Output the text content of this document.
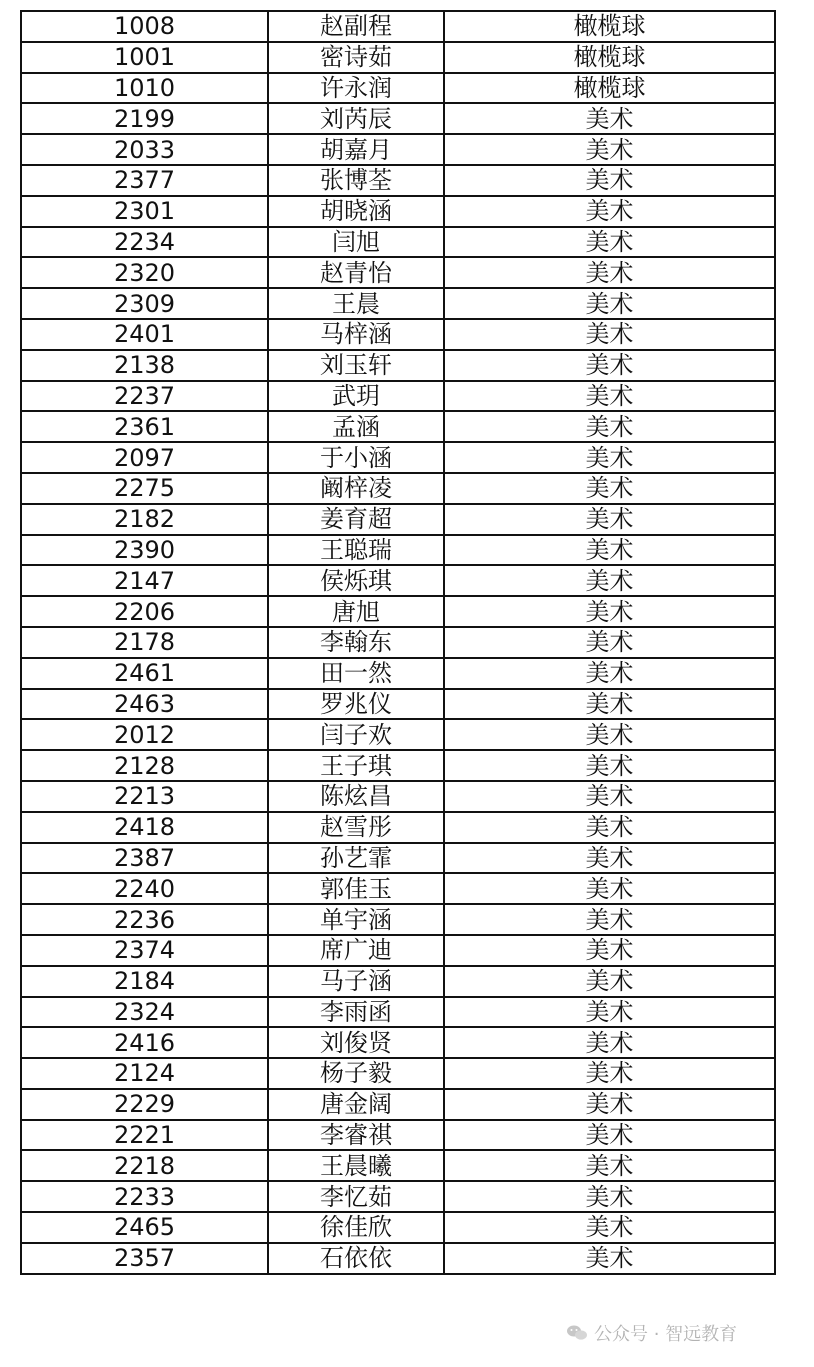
1008	赵副程	橄榄球
1001	密诗茹	橄榄球
1010	许永润	橄榄球
2199	刘芮辰	美术
2033	胡嘉月	美术
2377	张博荃	美术
2301	胡晓涵	美术
2234	闫旭	美术
2320	赵青怡	美术
2309	王晨	美术
2401	马梓涵	美术
2138	刘玉轩	美术
2237	武玥	美术
2361	孟涵	美术
2097	于小涵	美术
2275	阚梓凌	美术
2182	姜育超	美术
2390	王聪瑞	美术
2147	侯烁琪	美术
2206	唐旭	美术
2178	李翰东	美术
2461	田一然	美术
2463	罗兆仪	美术
2012	闫子欢	美术
2128	王子琪	美术
2213	陈炫昌	美术
2418	赵雪彤	美术
2387	孙艺霏	美术
2240	郭佳玉	美术
2236	单宇涵	美术
2374	席广迪	美术
2184	马子涵	美术
2324	李雨函	美术
2416	刘俊贤	美术
2124	杨子毅	美术
2229	唐金阔	美术
2221	李睿祺	美术
2218	王晨曦	美术
2233	李忆茹	美术
2465	徐佳欣	美术
2357	石依依	美术
公众号 · 智远教育
